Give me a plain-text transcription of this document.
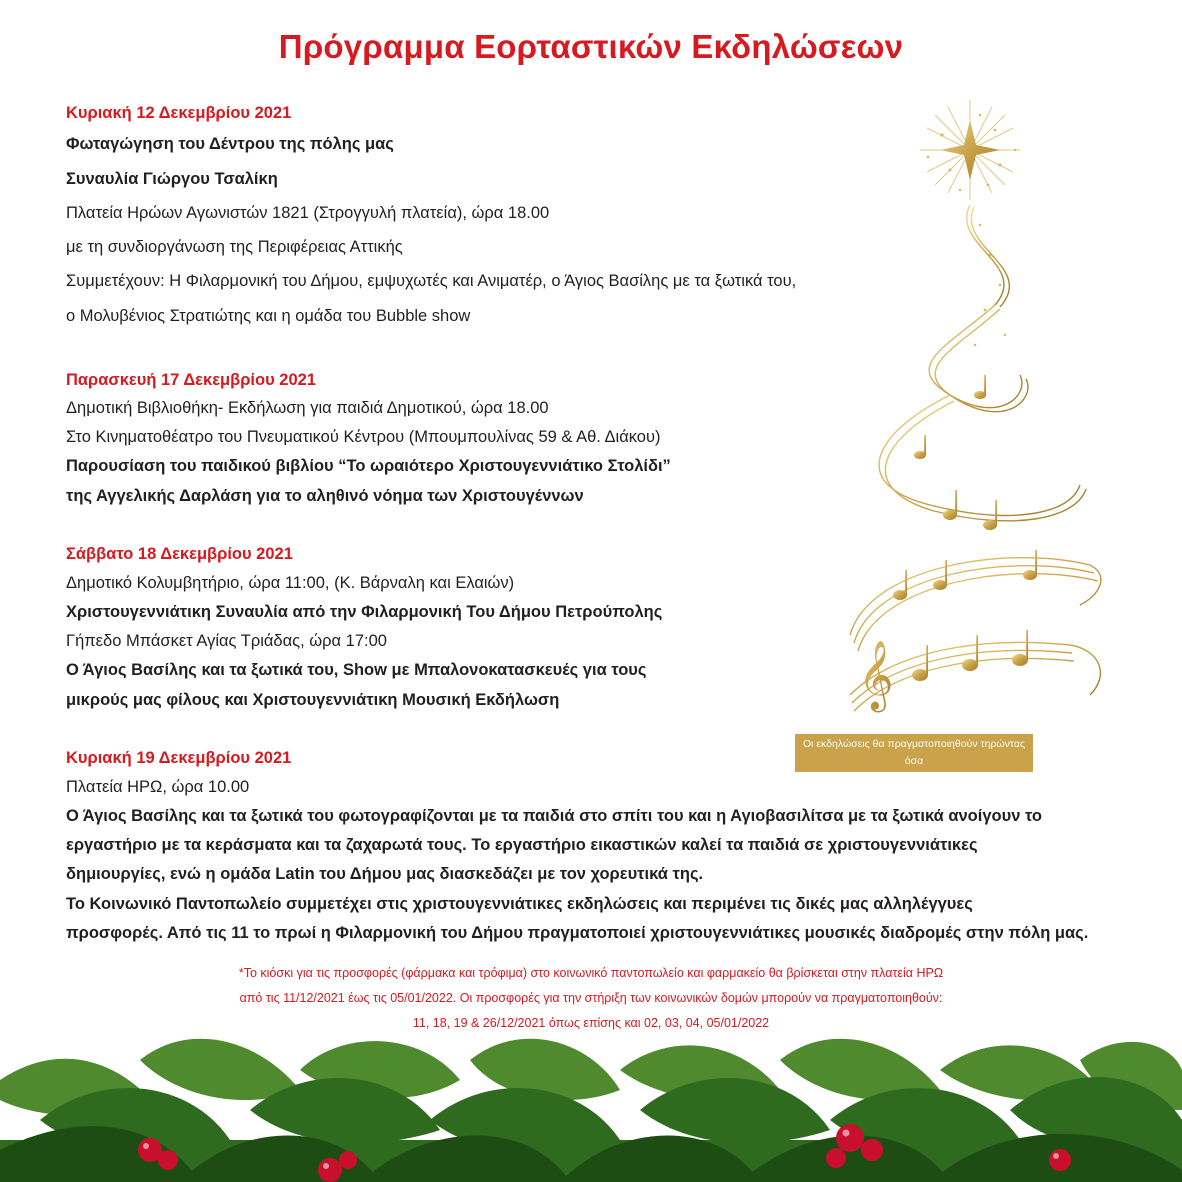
Πρόγραμμα Εορταστικών Εκδηλώσεων
Κυριακή 12 Δεκεμβρίου 2021
Φωταγώγηση του Δέντρου της πόλης μας
Συναυλία Γιώργου Τσαλίκη
Πλατεία Ηρώων Αγωνιστών 1821 (Στρογγυλή πλατεία), ώρα 18.00
με τη συνδιοργάνωση της Περιφέρειας Αττικής
Συμμετέχουν: Η Φιλαρμονική του Δήμου, εμψυχωτές και Ανιματέρ, ο Άγιος Βασίλης με τα ξωτικά του,
ο Μολυβένιος Στρατιώτης και η ομάδα του Bubble show
Παρασκευή 17 Δεκεμβρίου 2021
Δημοτική Βιβλιοθήκη- Εκδήλωση για παιδιά Δημοτικού, ώρα 18.00
Στο Κινηματοθέατρο του Πνευματικού Κέντρου (Μπουμπουλίνας 59 & Αθ. Διάκου)
Παρουσίαση του παιδικού βιβλίου “Το ωραιότερο Χριστουγεννιάτικο Στολίδι”
της Αγγελικής Δαρλάση για το αληθινό νόημα των Χριστουγέννων
Σάββατο 18 Δεκεμβρίου 2021
Δημοτικό Κολυμβητήριο, ώρα 11:00, (Κ. Βάρναλη και Ελαιών)
Χριστουγεννιάτικη Συναυλία από την Φιλαρμονική Του Δήμου Πετρούπολης
Γήπεδο Μπάσκετ Αγίας Τριάδας, ώρα 17:00
Ο Άγιος Βασίλης και τα ξωτικά του, Show με Μπαλονοκατασκευές για τους
μικρούς μας φίλους και Χριστουγεννιάτικη Μουσική Εκδήλωση
Κυριακή 19 Δεκεμβρίου 2021
Πλατεία ΗΡΩ, ώρα 10.00
Ο Άγιος Βασίλης και τα ξωτικά του φωτογραφίζονται με τα παιδιά στο σπίτι του και η Αγιοβασιλίτσα με τα ξωτικά ανοίγουν το
εργαστήριο με τα κεράσματα και τα ζαχαρωτά τους. Το εργαστήριο εικαστικών καλεί τα παιδιά σε χριστουγεννιάτικες
δημιουργίες, ενώ η ομάδα Latin του Δήμου μας διασκεδάζει με τον χορευτικά της.
Το Κοινωνικό Παντοπωλείο συμμετέχει στις χριστουγεννιάτικες εκδηλώσεις και περιμένει τις δικές μας αλληλέγγυες
προσφορές. Από τις 11 το πρωί η Φιλαρμονική του Δήμου πραγματοποιεί χριστουγεννιάτικες μουσικές διαδρομές στην πόλη μας.
*Το κιόσκι για τις προσφορές (φάρμακα και τρόφιμα) στο κοινωνικό παντοπωλείο και φαρμακείο θα βρίσκεται στην πλατεία ΗΡΩ
από τις 11/12/2021 έως τις 05/01/2022. Οι προσφορές για την στήριξη των κοινωνικών δομών μπορούν να πραγματοποιηθούν:
11, 18, 19 & 26/12/2021 όπως επίσης και 02, 03, 04, 05/01/2022
𝄞
Οι εκδηλώσεις θα πραγματοποιηθούν τηρώντας όσα
προβλέπονται για την αποφυγή διάδοσης του Covid-19
